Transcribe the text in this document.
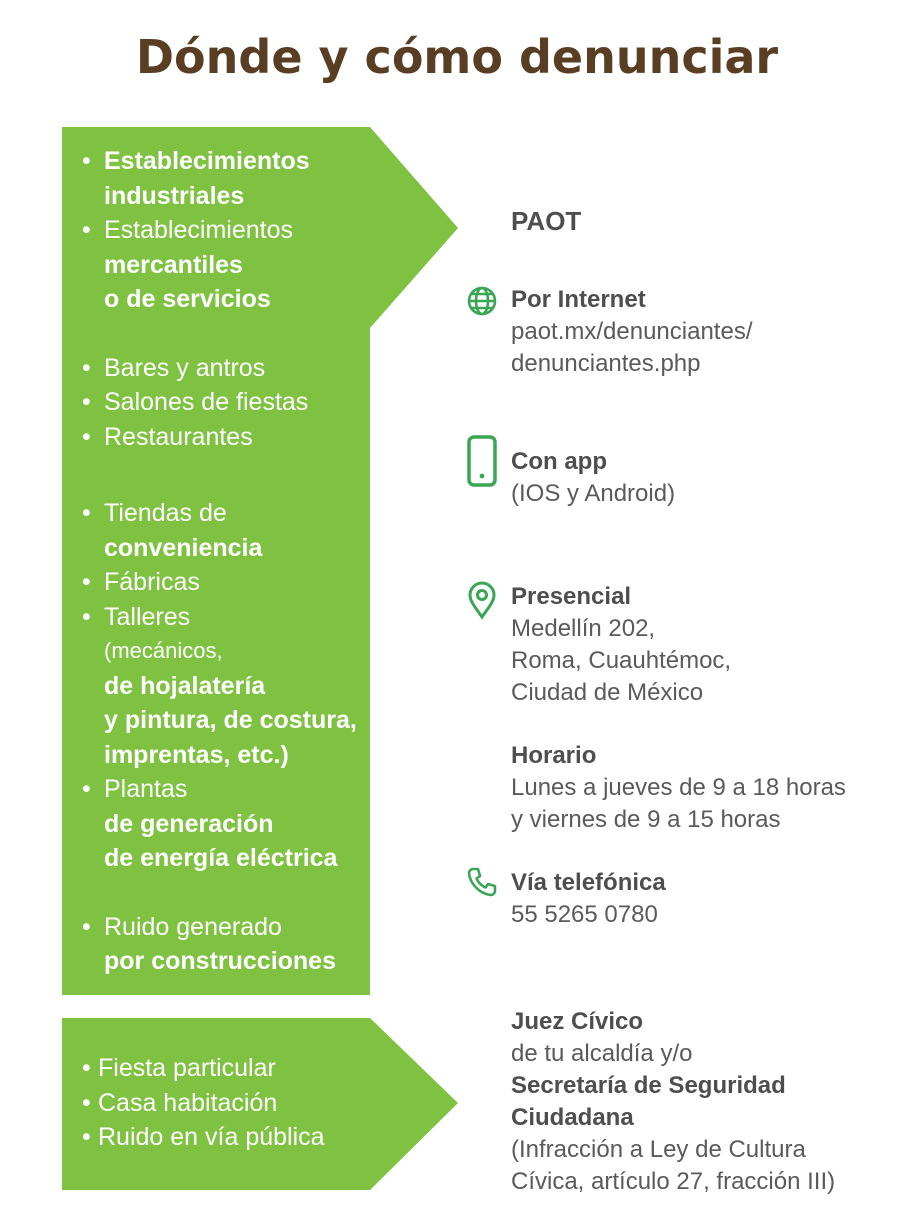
Dónde y cómo denunciar
• Establecimientos
industriales
• Establecimientos
mercantiles
o de servicios
• Bares y antros
• Salones de fiestas
• Restaurantes
• Tiendas de
conveniencia
• Fábricas
• Talleres
(mecánicos,
de hojalatería
y pintura, de costura,
imprentas, etc.)
• Plantas
de generación
de energía eléctrica
• Ruido generado
por construcciones
• Fiesta particular
• Casa habitación
• Ruido en vía pública
PAOT
Por Internet
paot.mx/denunciantes/
denunciantes.php
Con app
(IOS y Android)
Presencial
Medellín 202,
Roma, Cuauhtémoc,
Ciudad de México
Horario
Lunes a jueves de 9 a 18 horas
y viernes de 9 a 15 horas
Vía telefónica
55 5265 0780
Juez Cívico
de tu alcaldía y/o
Secretaría de Seguridad
Ciudadana
(Infracción a Ley de Cultura
Cívica, artículo 27, fracción III)
